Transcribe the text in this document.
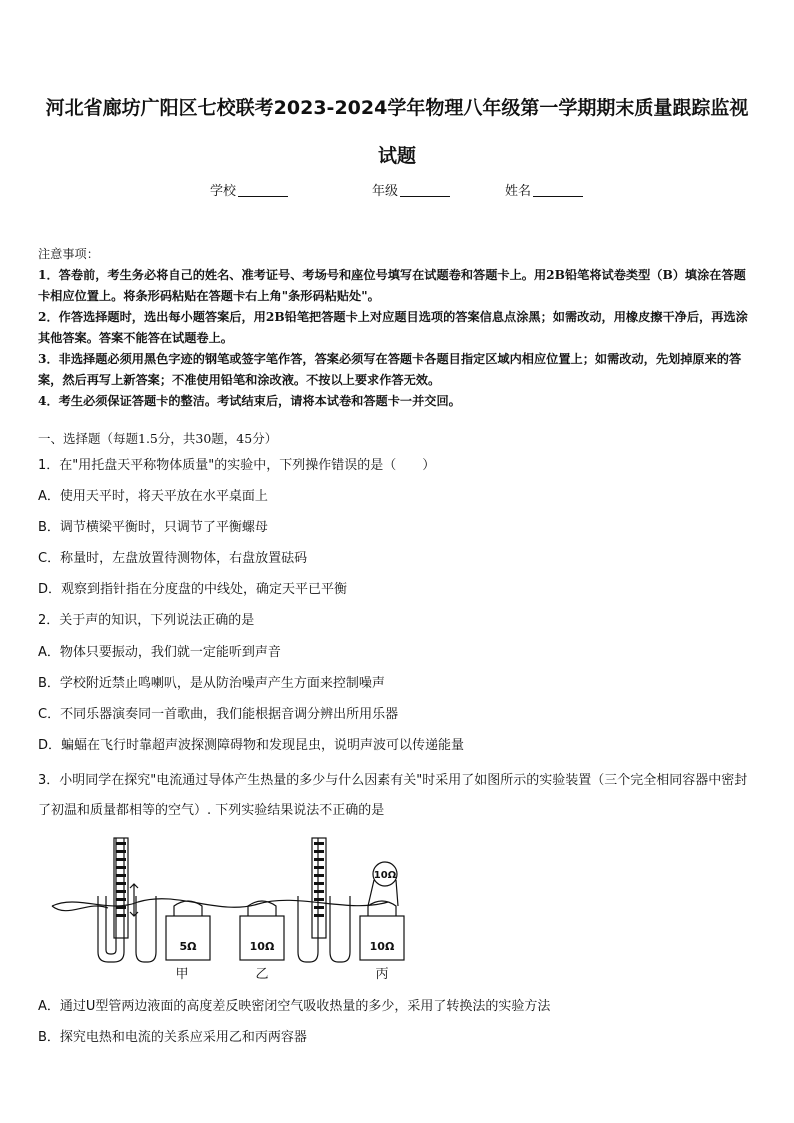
河北省廊坊广阳区七校联考2023-2024学年物理八年级第一学期期末质量跟踪监视试题
学校	年级	姓名

注意事项：

1．答卷前，考生务必将自己的姓名、准考证号、考场号和座位号填写在试题卷和答题卡上。用2B铅笔将试卷类型（B）填涂在答题卡相应位置上。将条形码粘贴在答题卡右上角"条形码粘贴处"。

2．作答选择题时，选出每小题答案后，用2B铅笔把答题卡上对应题目选项的答案信息点涂黑；如需改动，用橡皮擦干净后，再选涂其他答案。答案不能答在试题卷上。

3．非选择题必须用黑色字迹的钢笔或签字笔作答，答案必须写在答题卡各题目指定区域内相应位置上；如需改动，先划掉原来的答案，然后再写上新答案；不准使用铅笔和涂改液。不按以上要求作答无效。

4．考生必须保证答题卡的整洁。考试结束后，请将本试卷和答题卡一并交回。

一、选择题（每题1.5分，共30题，45分）
1．在"用托盘天平称物体质量"的实验中，下列操作错误的是（　　）
A．使用天平时，将天平放在水平桌面上
B．调节横梁平衡时，只调节了平衡螺母
C．称量时，左盘放置待测物体，右盘放置砝码
D．观察到指针指在分度盘的中线处，确定天平已平衡
2．关于声的知识，下列说法正确的是
A．物体只要振动，我们就一定能听到声音
B．学校附近禁止鸣喇叭，是从防治噪声产生方面来控制噪声
C．不同乐器演奏同一首歌曲，我们能根据音调分辨出所用乐器
D．蝙蝠在飞行时靠超声波探测障碍物和发现昆虫，说明声波可以传递能量
3．小明同学在探究"电流通过导体产生热量的多少与什么因素有关"时采用了如图所示的实验装置（三个完全相同容器中密封了初温和质量都相等的空气）. 下列实验结果说法不正确的是
5Ω	10Ω	10Ω
10Ω
甲	乙	丙
A．通过U型管两边液面的高度差反映密闭空气吸收热量的多少，采用了转换法的实验方法
B．探究电热和电流的关系应采用乙和丙两容器
